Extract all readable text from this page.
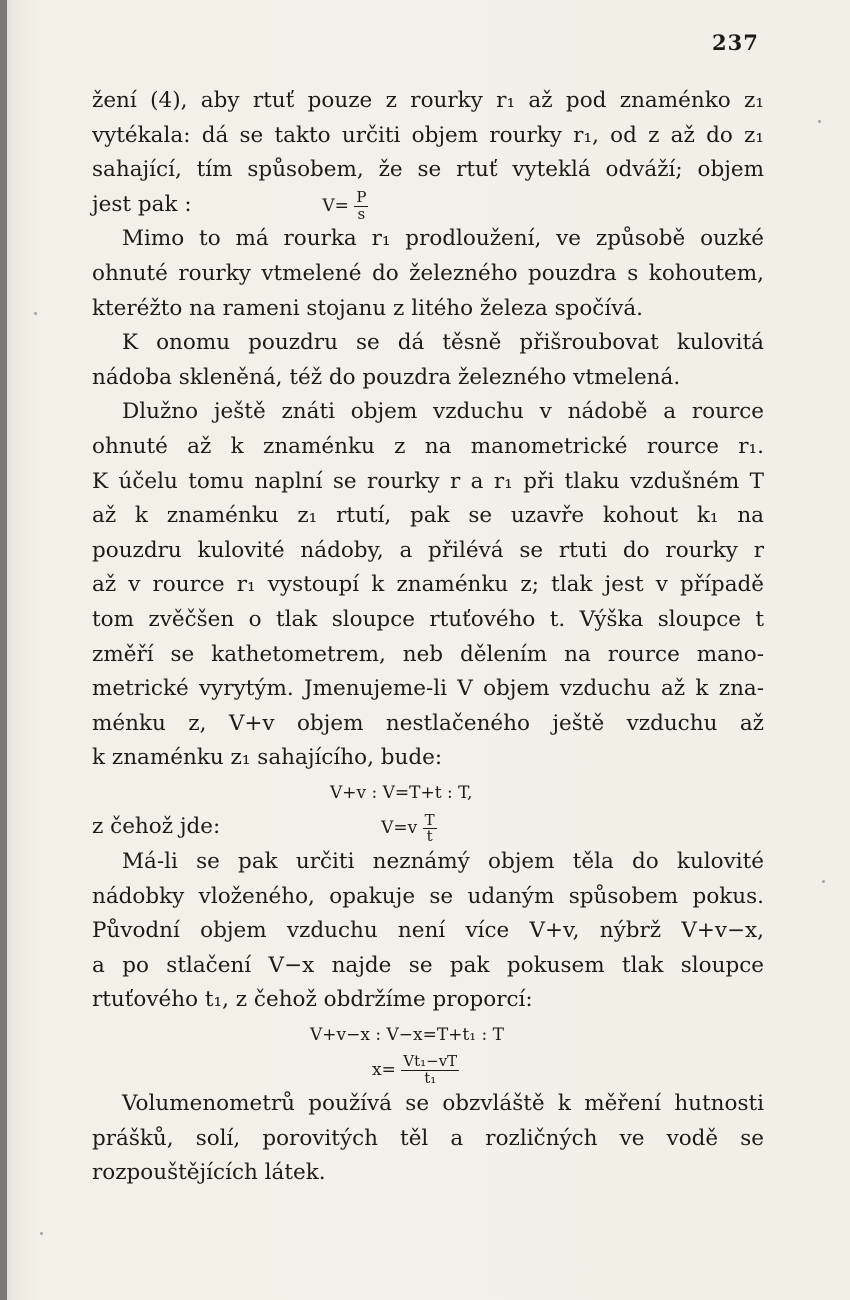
237
žení (4), aby rtuť pouze z rourky r₁ až pod znaménko z₁
vytékala: dá se takto určiti objem rourky r₁, od z až do z₁
sahající, tím spůsobem, že se rtuť vyteklá odváží; objem
jest pak :	$V= \frac{P}{s}$
Mimo to má rourka r₁ prodloužení, ve způsobě ouzké
ohnuté rourky vtmelené do železného pouzdra s kohoutem,
kteréžto na rameni stojanu z litého železa spočívá.
K onomu pouzdru se dá těsně přišroubovat kulovitá
nádoba skleněná, též do pouzdra železného vtmelená.
Dlužno ještě znáti objem vzduchu v nádobě a rource
ohnuté až k znaménku z na manometrické rource r₁.
K účelu tomu naplní se rourky r a r₁ při tlaku vzdušném T
až k znaménku z₁ rtutí, pak se uzavře kohout k₁ na
pouzdru kulovité nádoby, a přilévá se rtuti do rourky r
až v rource r₁ vystoupí k znaménku z; tlak jest v případě
tom zvěčšen o tlak sloupce rtuťového t. Výška sloupce t
změří se kathetometrem, neb dělením na rource mano-
metrické vyrytým. Jmenujeme-li V objem vzduchu až k zna-
ménku z, V+v objem nestlačeného ještě vzduchu až
k znaménku z₁ sahajícího, bude:
V+v : V=T+t : T,
z čehož jde:	$V=v \frac{T}{t}$
Má-li se pak určiti neznámý objem těla do kulovité
nádobky vloženého, opakuje se udaným spůsobem pokus.
Původní objem vzduchu není více V+v, nýbrž V+v−x,
a po stlačení V−x najde se pak pokusem tlak sloupce
rtuťového t₁, z čehož obdržíme proporcí:
V+v−x : V−x=T+t₁ : T
$x= \frac{\text{Vt₁−vT}}{\text{t₁}}$
Volumenometrů používá se obzvláště k měření hutnosti
prášků, solí, porovitých těl a rozličných ve vodě se
rozpouštějících látek.
